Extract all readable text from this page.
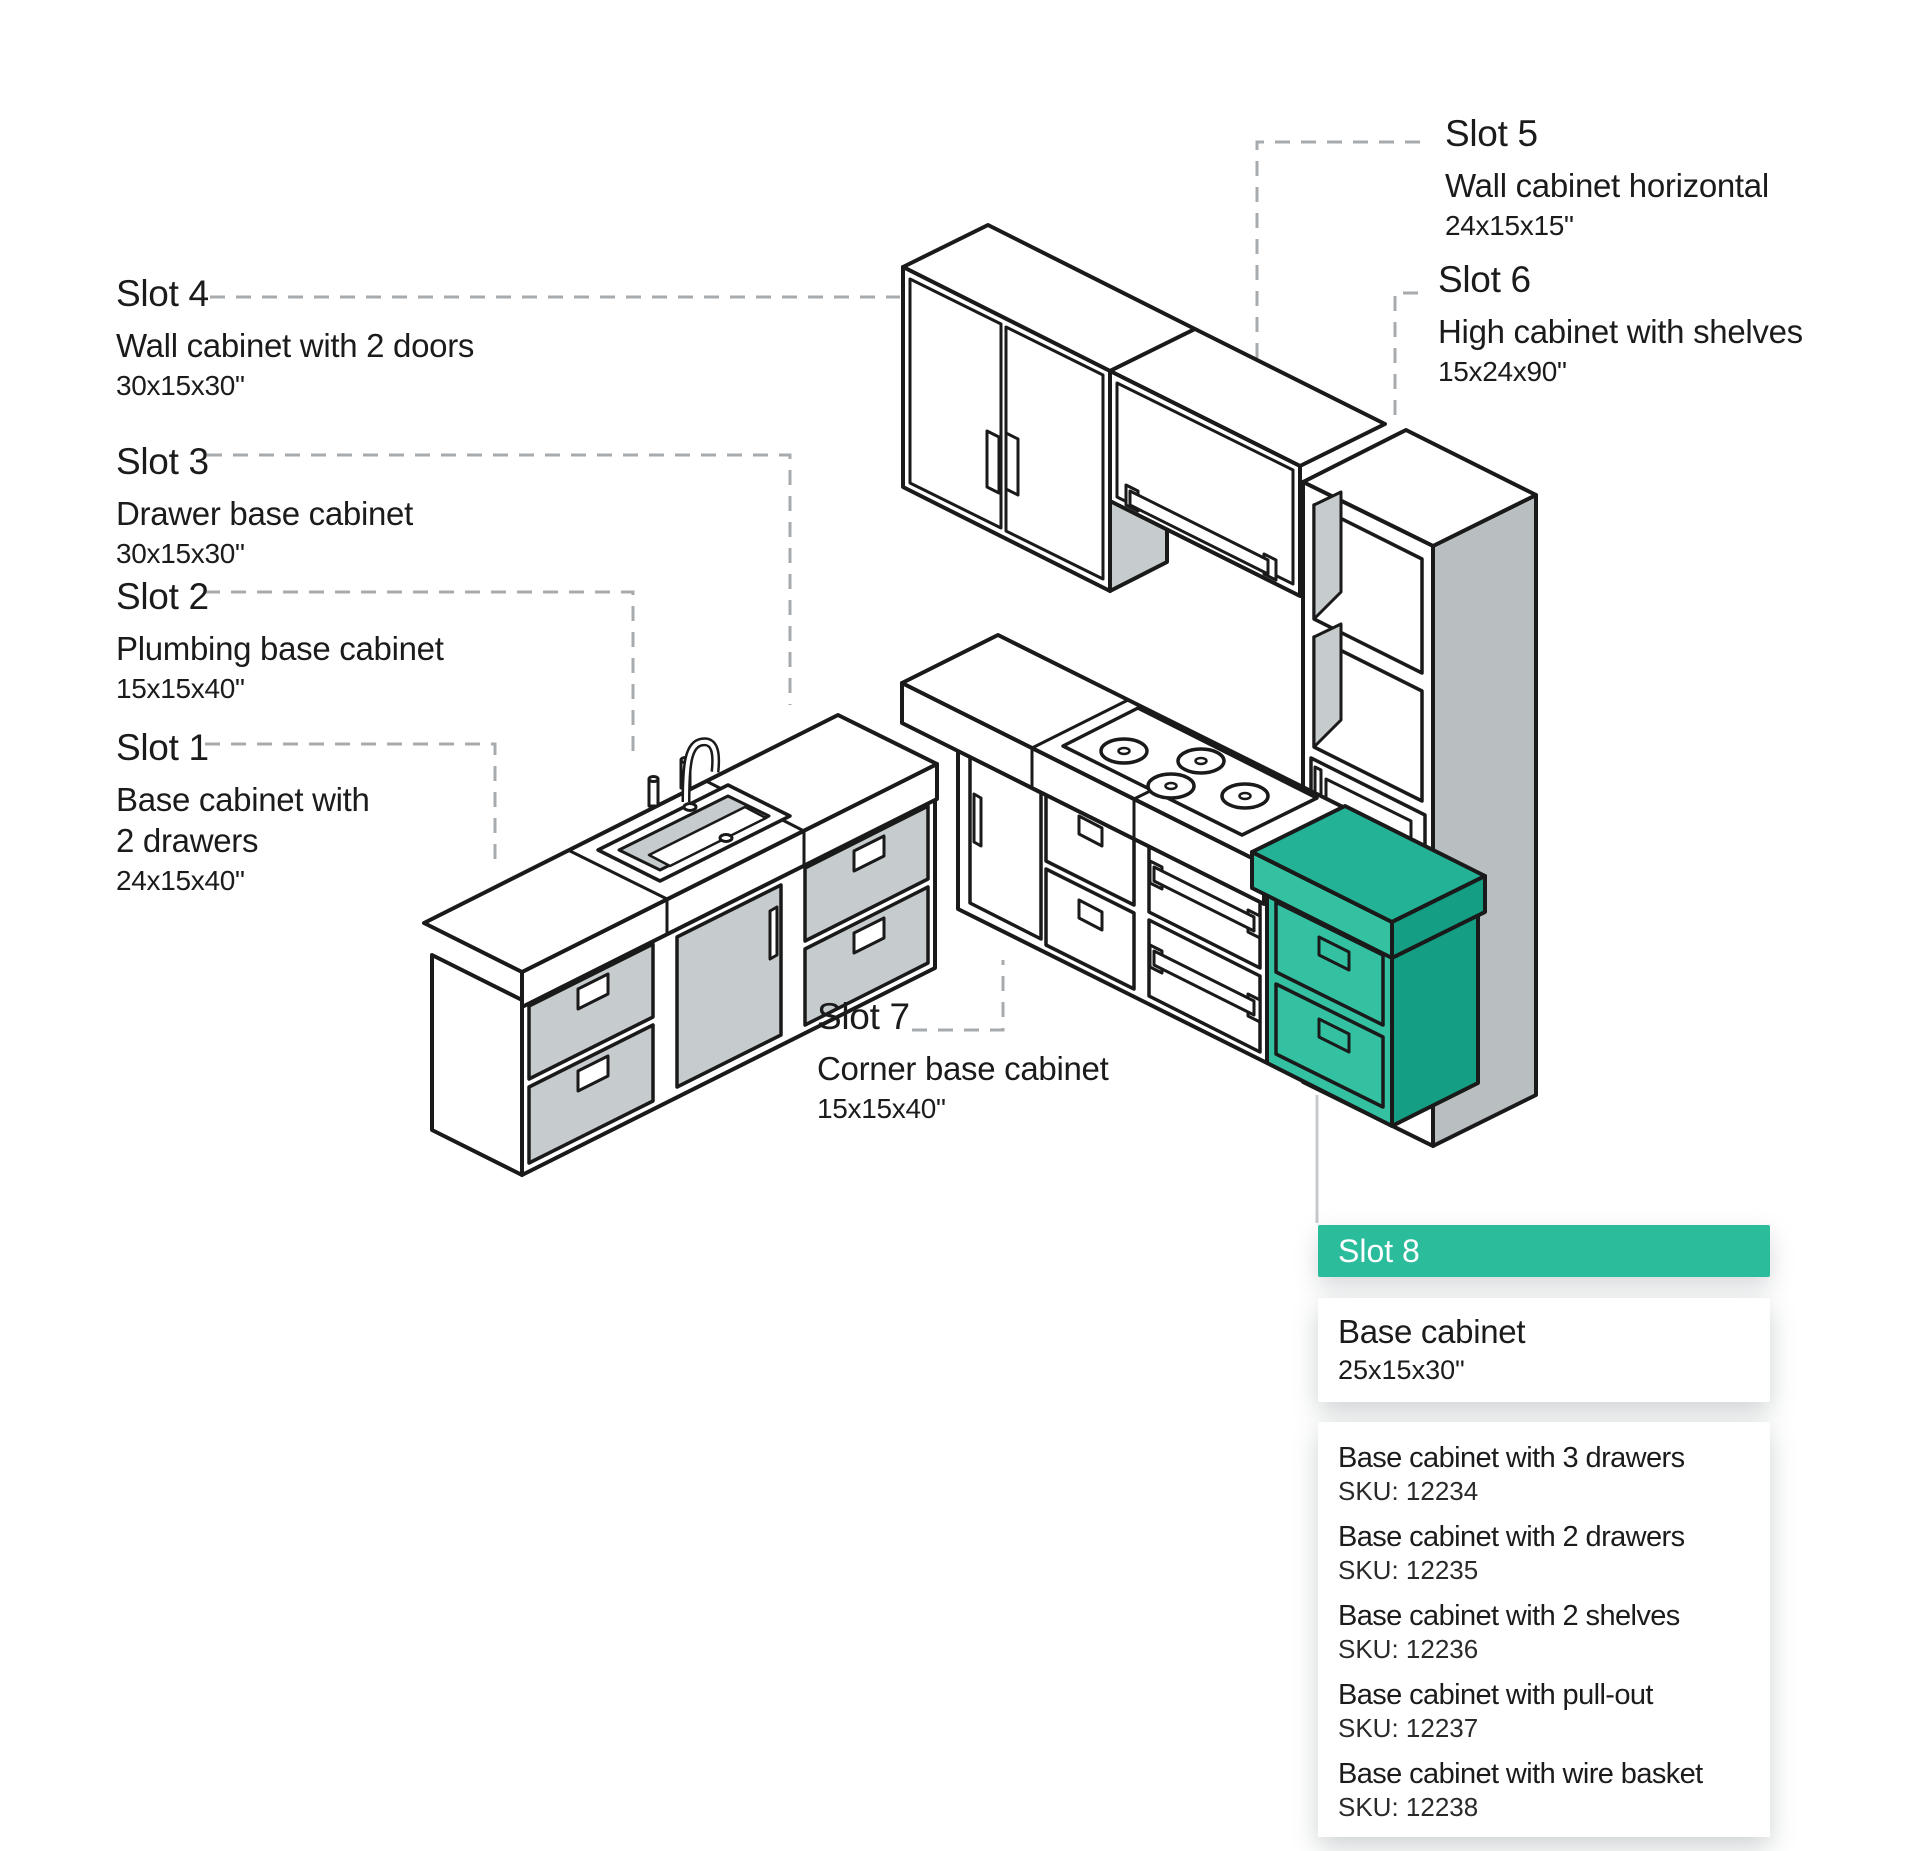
Slot 4
Wall cabinet with 2 doors
30x15x30"
Slot 3
Drawer base cabinet
30x15x30"
Slot 2
Plumbing base cabinet
15x15x40"
Slot 1
Base cabinet with 2 drawers
24x15x40"
Slot 5
Wall cabinet horizontal
24x15x15"
Slot 6
High cabinet with shelves
15x24x90"
Slot 7
Corner base cabinet
15x15x40"
Slot 8
Base cabinet
25x15x30"
Base cabinet with 3 drawers
SKU: 12234
Base cabinet with 2 drawers
SKU: 12235
Base cabinet with 2 shelves
SKU: 12236
Base cabinet with pull-out
SKU: 12237
Base cabinet with wire basket
SKU: 12238
